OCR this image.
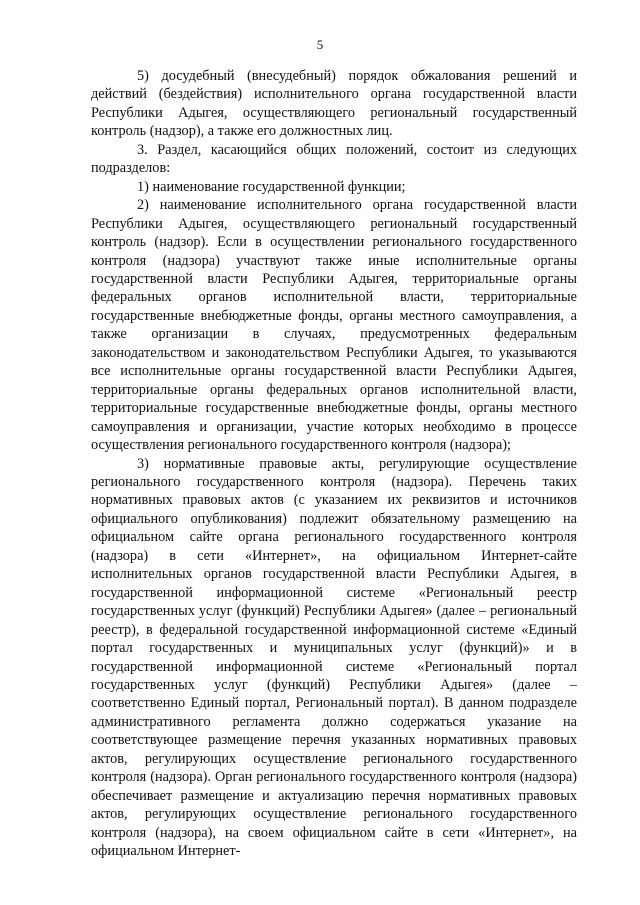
5

5) досудебный (внесудебный) порядок обжалования решений и действий (бездействия) исполнительного органа государственной власти Республики Адыгея, осуществляющего региональный государственный контроль (надзор), а также его должностных лиц.

3. Раздел, касающийся общих положений, состоит из следующих подразделов:

1) наименование государственной функции;

2) наименование исполнительного органа государственной власти Республики Адыгея, осуществляющего региональный государственный контроль (надзор). Если в осуществлении регионального государственного контроля (надзора) участвуют также иные исполнительные органы государственной власти Республики Адыгея, территориальные органы федеральных органов исполнительной власти, территориальные государственные внебюджетные фонды, органы местного самоуправления, а также организации в случаях, предусмотренных федеральным законодательством и законодательством Республики Адыгея, то указываются все исполнительные органы государственной власти Республики Адыгея, территориальные органы федеральных органов исполнительной власти, территориальные государственные внебюджетные фонды, органы местного самоуправления и организации, участие которых необходимо в процессе осуществления регионального государственного контроля (надзора);

3) нормативные правовые акты, регулирующие осуществление регионального государственного контроля (надзора). Перечень таких нормативных правовых актов (с указанием их реквизитов и источников официального опубликования) подлежит обязательному размещению на официальном сайте органа регионального государственного контроля (надзора) в сети «Интернет», на официальном Интернет-сайте исполнительных органов государственной власти Республики Адыгея, в государственной информационной системе «Региональный реестр государственных услуг (функций) Республики Адыгея» (далее – региональный реестр), в федеральной государственной информационной системе «Единый портал государственных и муниципальных услуг (функций)» и в государственной информационной системе «Региональный портал государственных услуг (функций) Республики Адыгея» (далее – соответственно Единый портал, Региональный портал). В данном подразделе административного регламента должно содержаться указание на соответствующее размещение перечня указанных нормативных правовых актов, регулирующих осуществление регионального государственного контроля (надзора). Орган регионального государственного контроля (надзора) обеспечивает размещение и актуализацию перечня нормативных правовых актов, регулирующих осуществление регионального государственного контроля (надзора), на своем официальном сайте в сети «Интернет», на официальном Интернет-
